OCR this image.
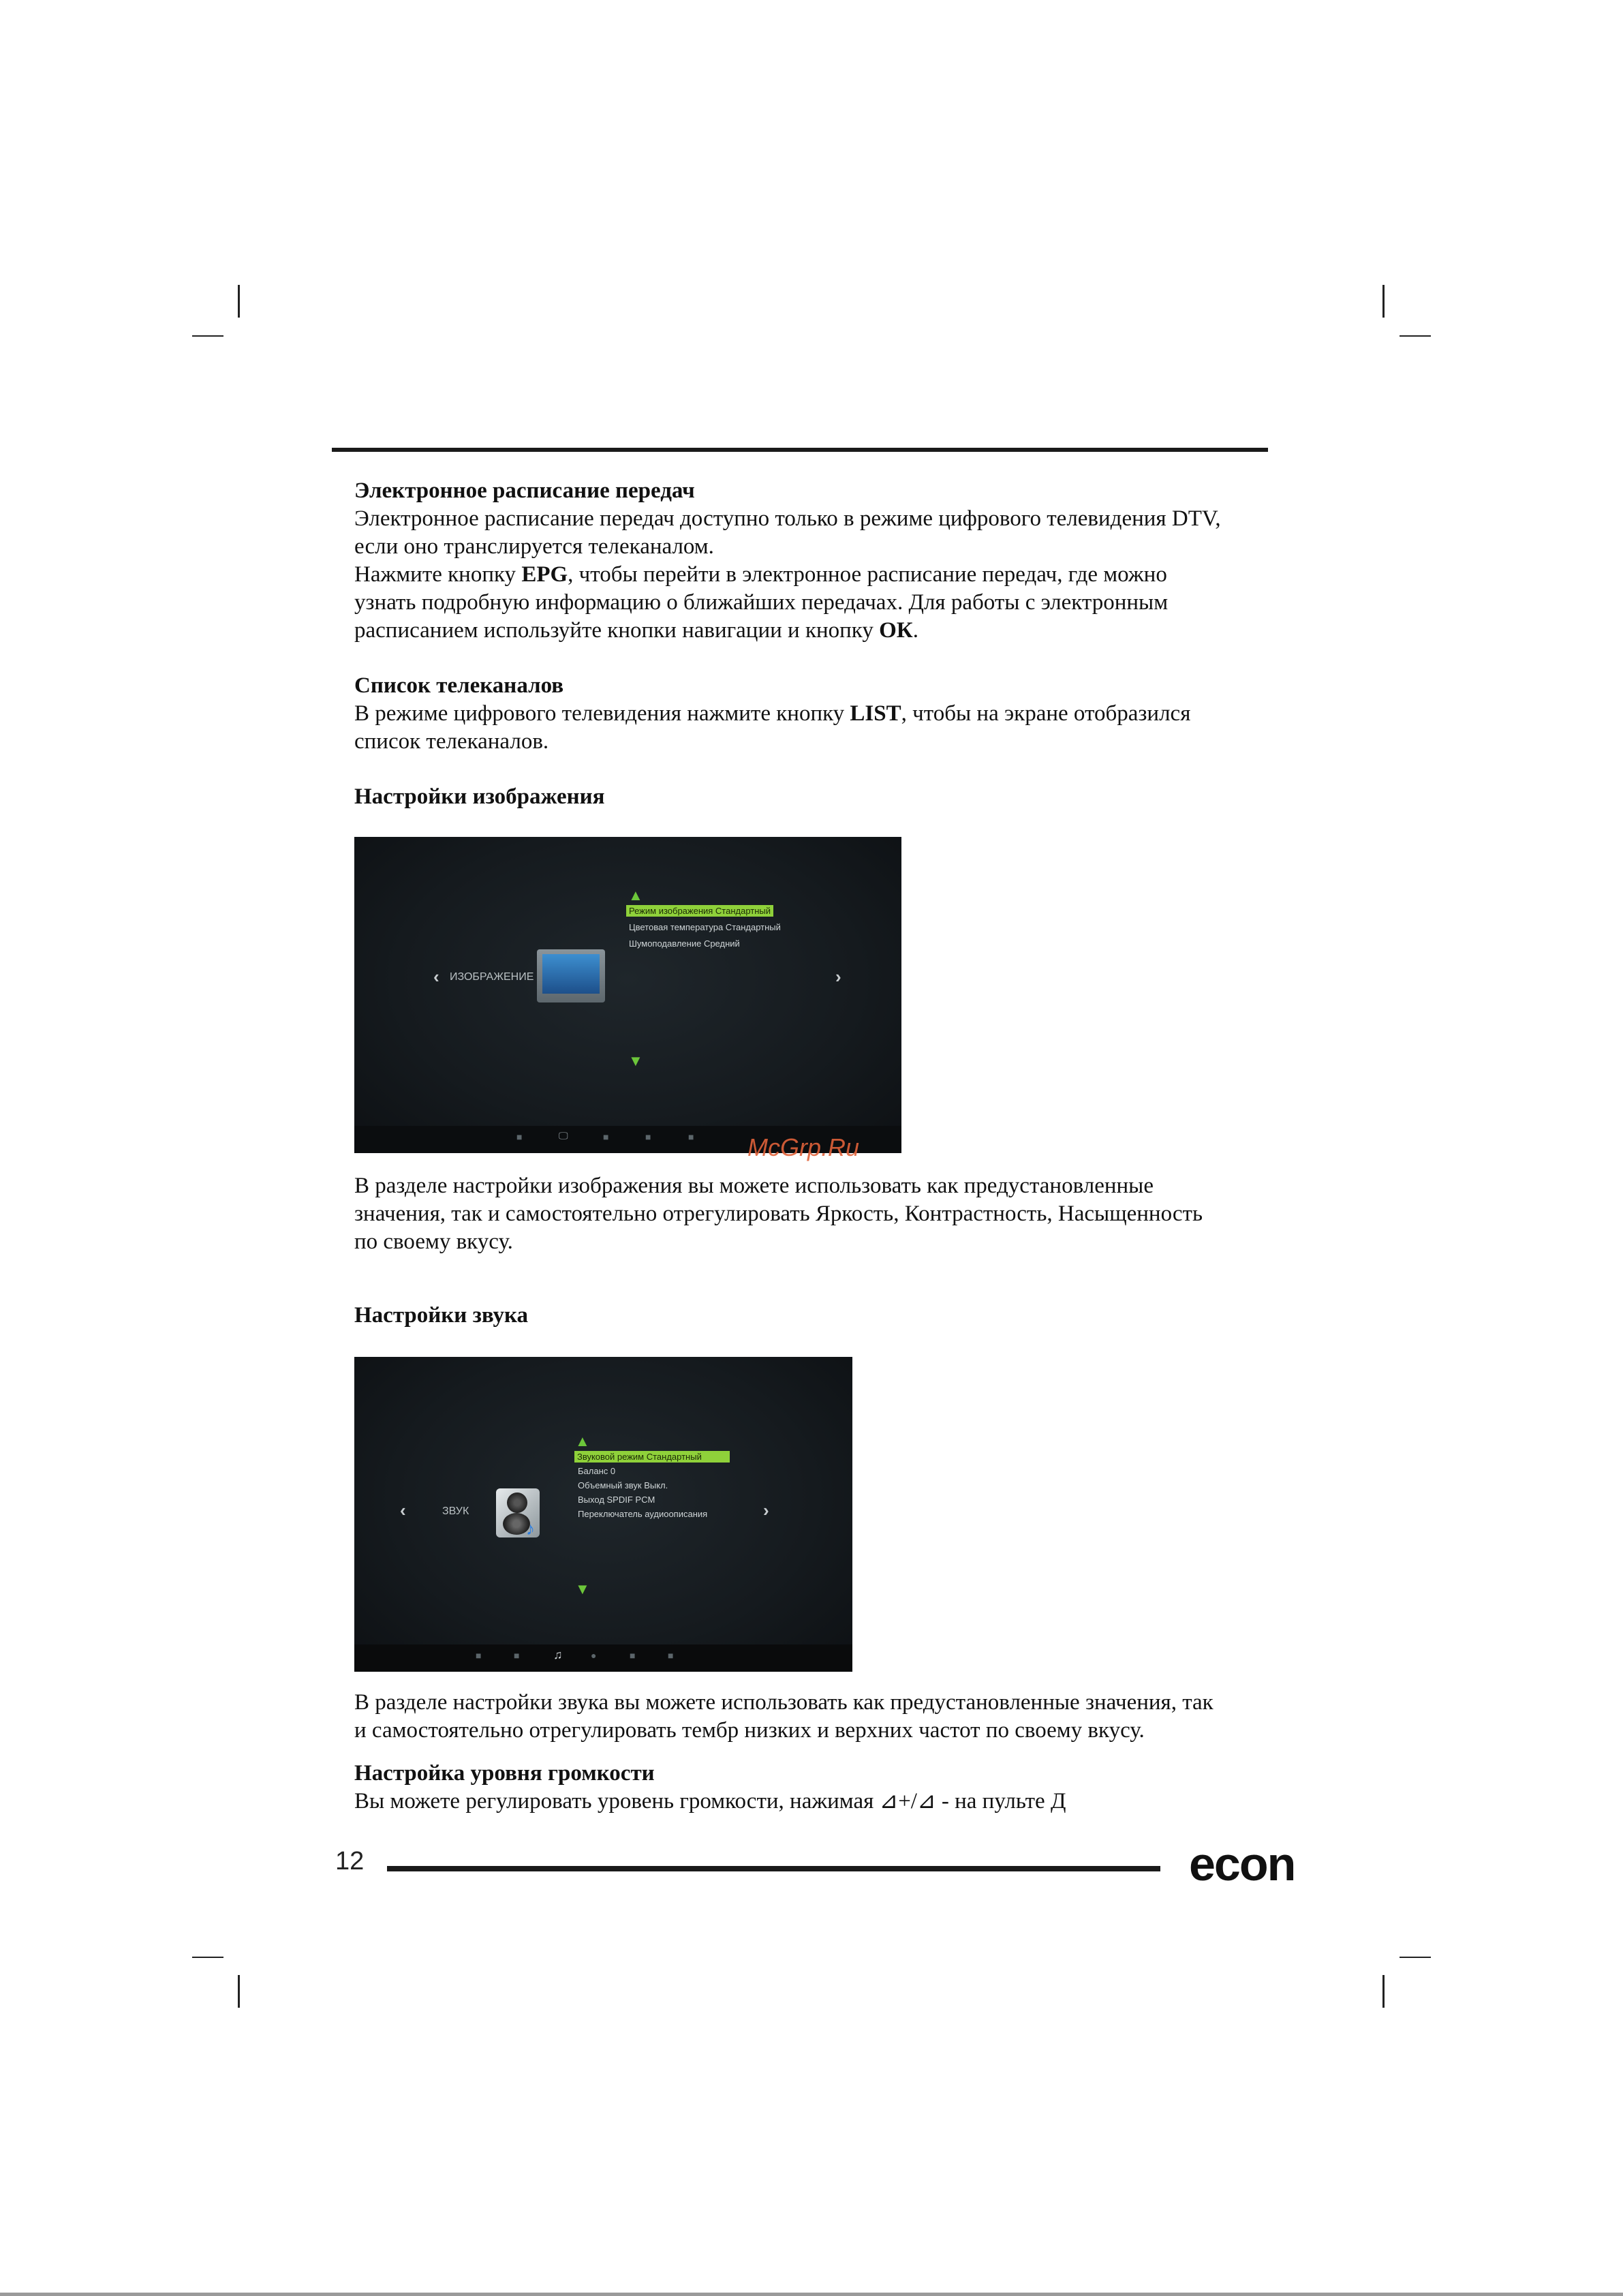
Электронное расписание передач

Электронное расписание передач доступно только в режиме цифрового телевидения DTV,

если оно транслируется телеканалом.

Нажмите кнопку EPG, чтобы перейти в электронное расписание передач, где можно

узнать подробную информацию о ближайших передачах. Для работы с электронным

расписанием используйте кнопки навигации и кнопку ОК.

Список телеканалов

В режиме цифрового телевидения нажмите кнопку LIST, чтобы на экране отобразился

список телеканалов.

Настройки изображения

▲
Режим изображения Стандартный
Цветовая температура Стандартный
Шумоподавление Средний
‹ ИЗОБРАЖЕНИЕ	›
▼
■	🖵	■	■	■ McGrp.Ru

В разделе настройки изображения вы можете использовать как предустановленные

значения, так и самостоятельно отрегулировать Яркость, Контрастность, Насыщенность

по своему вкусу.

Настройки звука

▲
Звуковой режим Стандартный
Баланс 0
Объемный звук Выкл.
Выход SPDIF PCM
Переключатель аудиоописания
‹	ЗВУК
♪
›
▼
■	■	♫	●	■	■

В разделе настройки звука вы можете использовать как предустановленные значения, так

и самостоятельно отрегулировать тембр низких и верхних частот по своему вкусу.

Настройка уровня громкости

Вы можете регулировать уровень громкости, нажимая ⊿+/⊿ - на пульте Д

12	econ
